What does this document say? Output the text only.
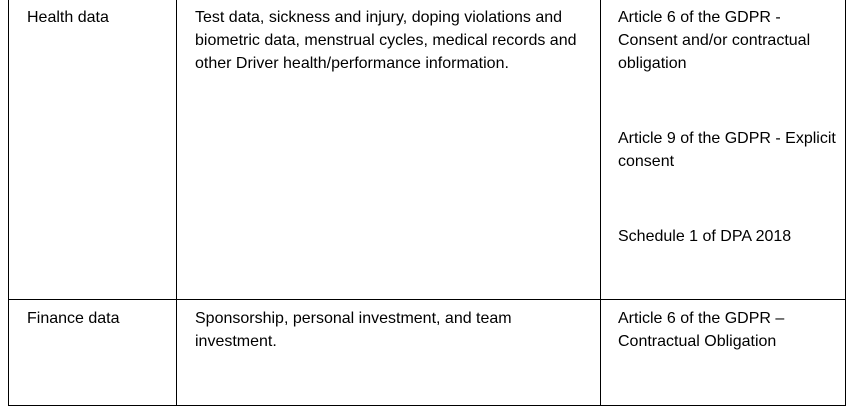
Health data	Test data, sickness and injury, doping violations and biometric data, menstrual cycles, medical records and other Driver health/performance information.	Article 6 of the GDPR - Consent and/or contractual obligation

Article 9 of the GDPR - Explicit consent

Schedule 1 of DPA 2018

Finance data	Sponsorship, personal investment, and team investment.	Article 6 of the GDPR – Contractual Obligation
